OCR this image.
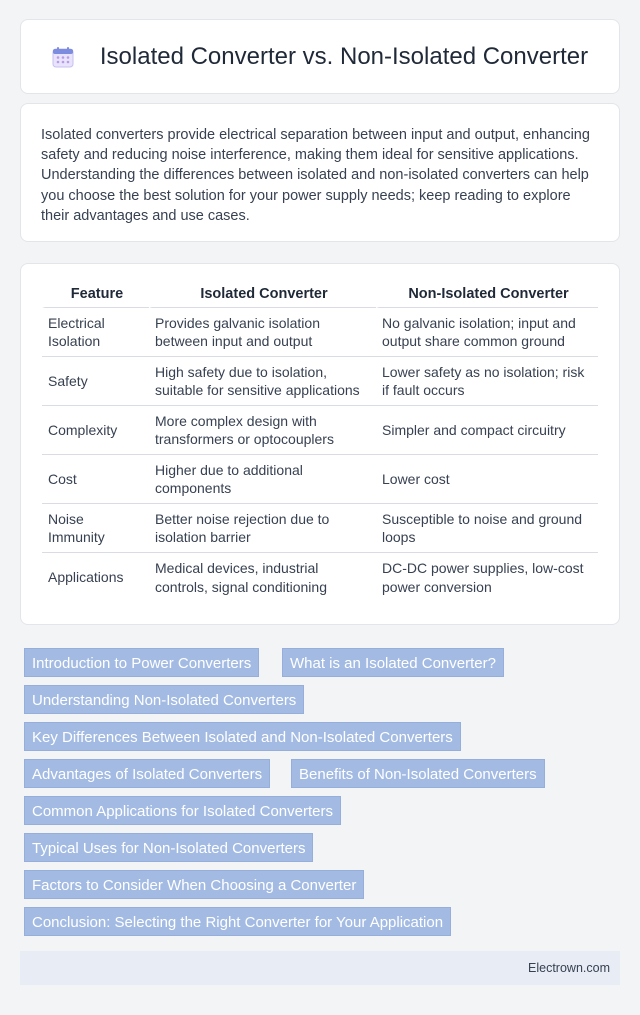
Isolated Converter vs. Non-Isolated Converter

Isolated converters provide electrical separation between input and output, enhancing safety and reducing noise interference, making them ideal for sensitive applications. Understanding the differences between isolated and non-isolated converters can help you choose the best solution for your power supply needs; keep reading to explore their advantages and use cases.

Feature	Isolated Converter	Non-Isolated Converter
Electrical Isolation	Provides galvanic isolation between input and output	No galvanic isolation; input and output share common ground
Safety	High safety due to isolation, suitable for sensitive applications	Lower safety as no isolation; risk if fault occurs
Complexity	More complex design with transformers or optocouplers	Simpler and compact circuitry
Cost	Higher due to additional components	Lower cost
Noise Immunity	Better noise rejection due to isolation barrier	Susceptible to noise and ground loops
Applications	Medical devices, industrial controls, signal conditioning	DC-DC power supplies, low-cost power conversion
Introduction to Power Converters	What is an Isolated Converter?
Understanding Non-Isolated Converters
Key Differences Between Isolated and Non-Isolated Converters
Advantages of Isolated Converters	Benefits of Non-Isolated Converters
Common Applications for Isolated Converters
Typical Uses for Non-Isolated Converters
Factors to Consider When Choosing a Converter
Conclusion: Selecting the Right Converter for Your Application
Electrown.com
